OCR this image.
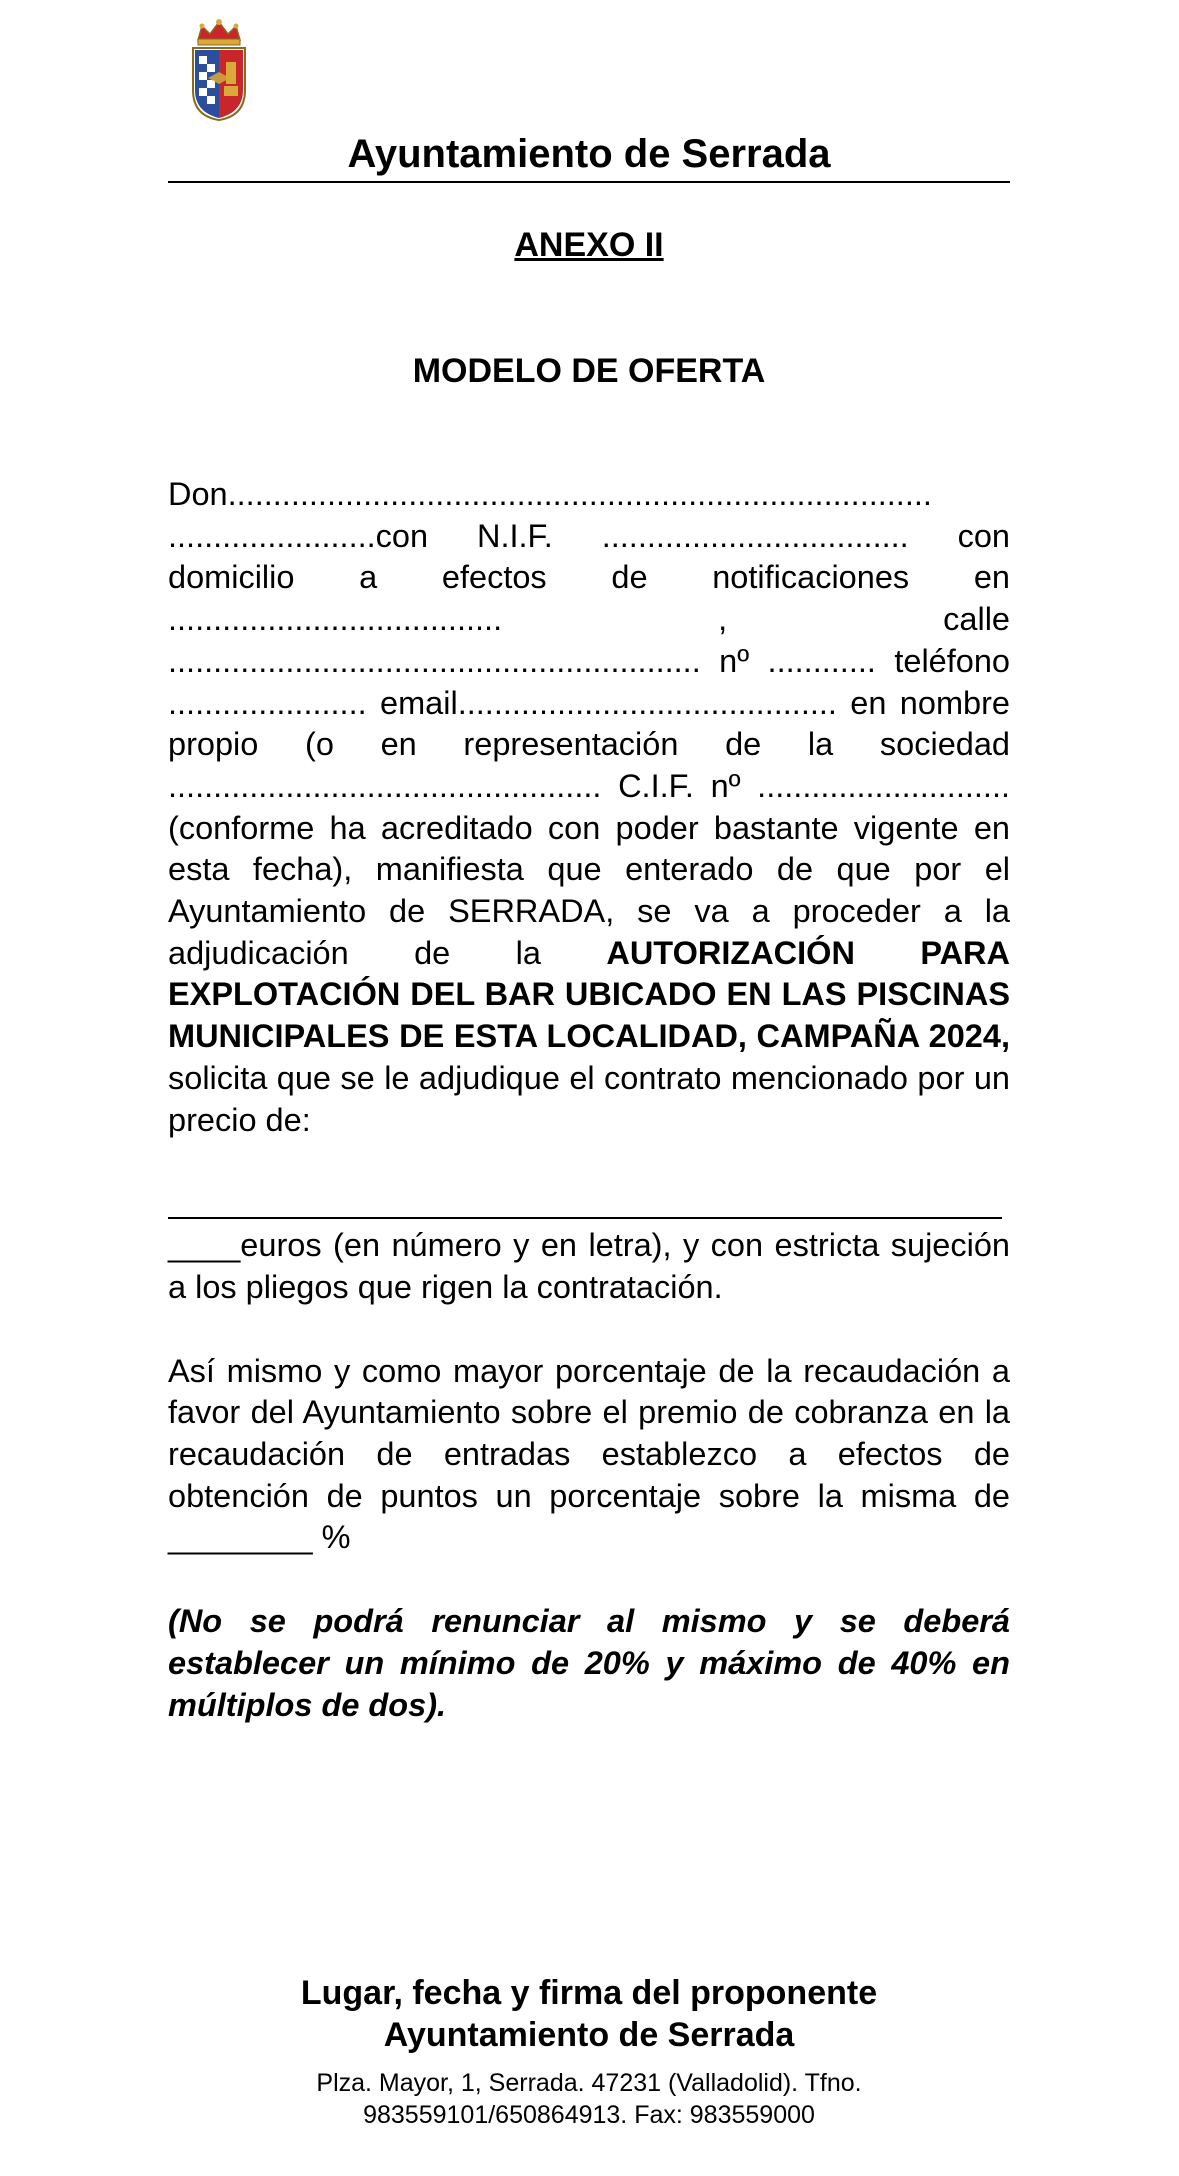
Ayuntamiento de Serrada
ANEXO II
MODELO DE OFERTA

Don.............................................................................. .......................con N.I.F. .................................. con domicilio a efectos de notificaciones en ..................................... , calle ........................................................... nº ............ teléfono ...................... email.......................................... en nombre propio (o en representación de la sociedad ................................................ C.I.F. nº ............................ (conforme ha acreditado con poder bastante vigente en esta fecha), manifiesta que enterado de que por el Ayuntamiento de SERRADA, se va a proceder a la adjudicación de la AUTORIZACIÓN PARA EXPLOTACIÓN DEL BAR UBICADO EN LAS PISCINAS MUNICIPALES DE ESTA LOCALIDAD, CAMPAÑA 2024, solicita que se le adjudique el contrato mencionado por un precio de:

____euros (en número y en letra), y con estricta sujeción a los pliegos que rigen la contratación.

Así mismo y como mayor porcentaje de la recaudación a favor del Ayuntamiento sobre el premio de cobranza en la recaudación de entradas establezco a efectos de obtención de puntos un porcentaje sobre la misma de ________ %

(No se podrá renunciar al mismo y se deberá establecer un mínimo de 20% y máximo de 40% en múltiplos de dos).

Lugar, fecha y firma del proponente
Ayuntamiento de Serrada
Plza. Mayor, 1, Serrada. 47231 (Valladolid). Tfno.
983559101/650864913. Fax: 983559000
